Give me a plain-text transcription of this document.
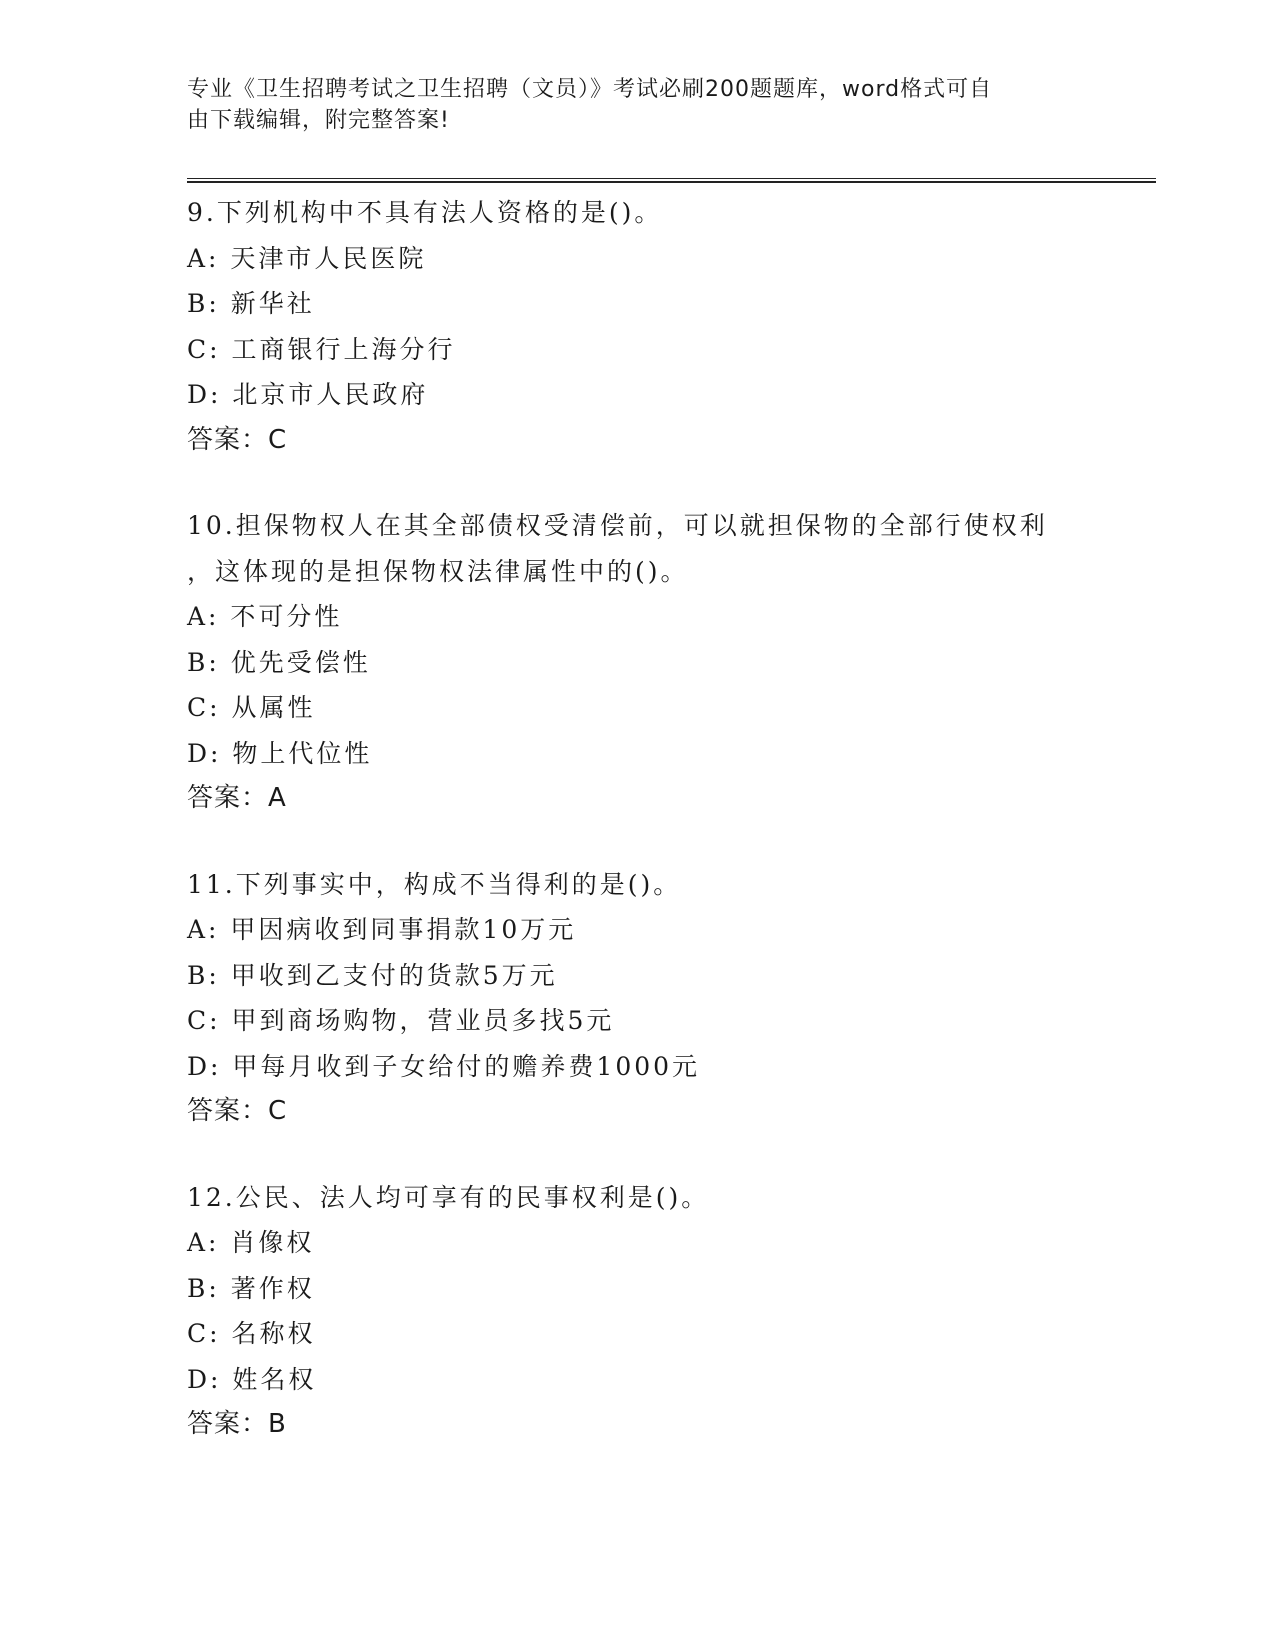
专业《卫生招聘考试之卫生招聘（文员）》考试必刷200题题库，word格式可自
由下载编辑，附完整答案!
9.下列机构中不具有法人资格的是()。
A: 天津市人民医院
B: 新华社
C: 工商银行上海分行
D: 北京市人民政府
答案：C
10.担保物权人在其全部债权受清偿前，可以就担保物的全部行使权利
，这体现的是担保物权法律属性中的()。
A: 不可分性
B: 优先受偿性
C: 从属性
D: 物上代位性
答案：A
11.下列事实中，构成不当得利的是()。
A: 甲因病收到同事捐款10万元
B: 甲收到乙支付的货款5万元
C: 甲到商场购物，营业员多找5元
D: 甲每月收到子女给付的赡养费1000元
答案：C
12.公民、法人均可享有的民事权利是()。
A: 肖像权
B: 著作权
C: 名称权
D: 姓名权
答案：B
